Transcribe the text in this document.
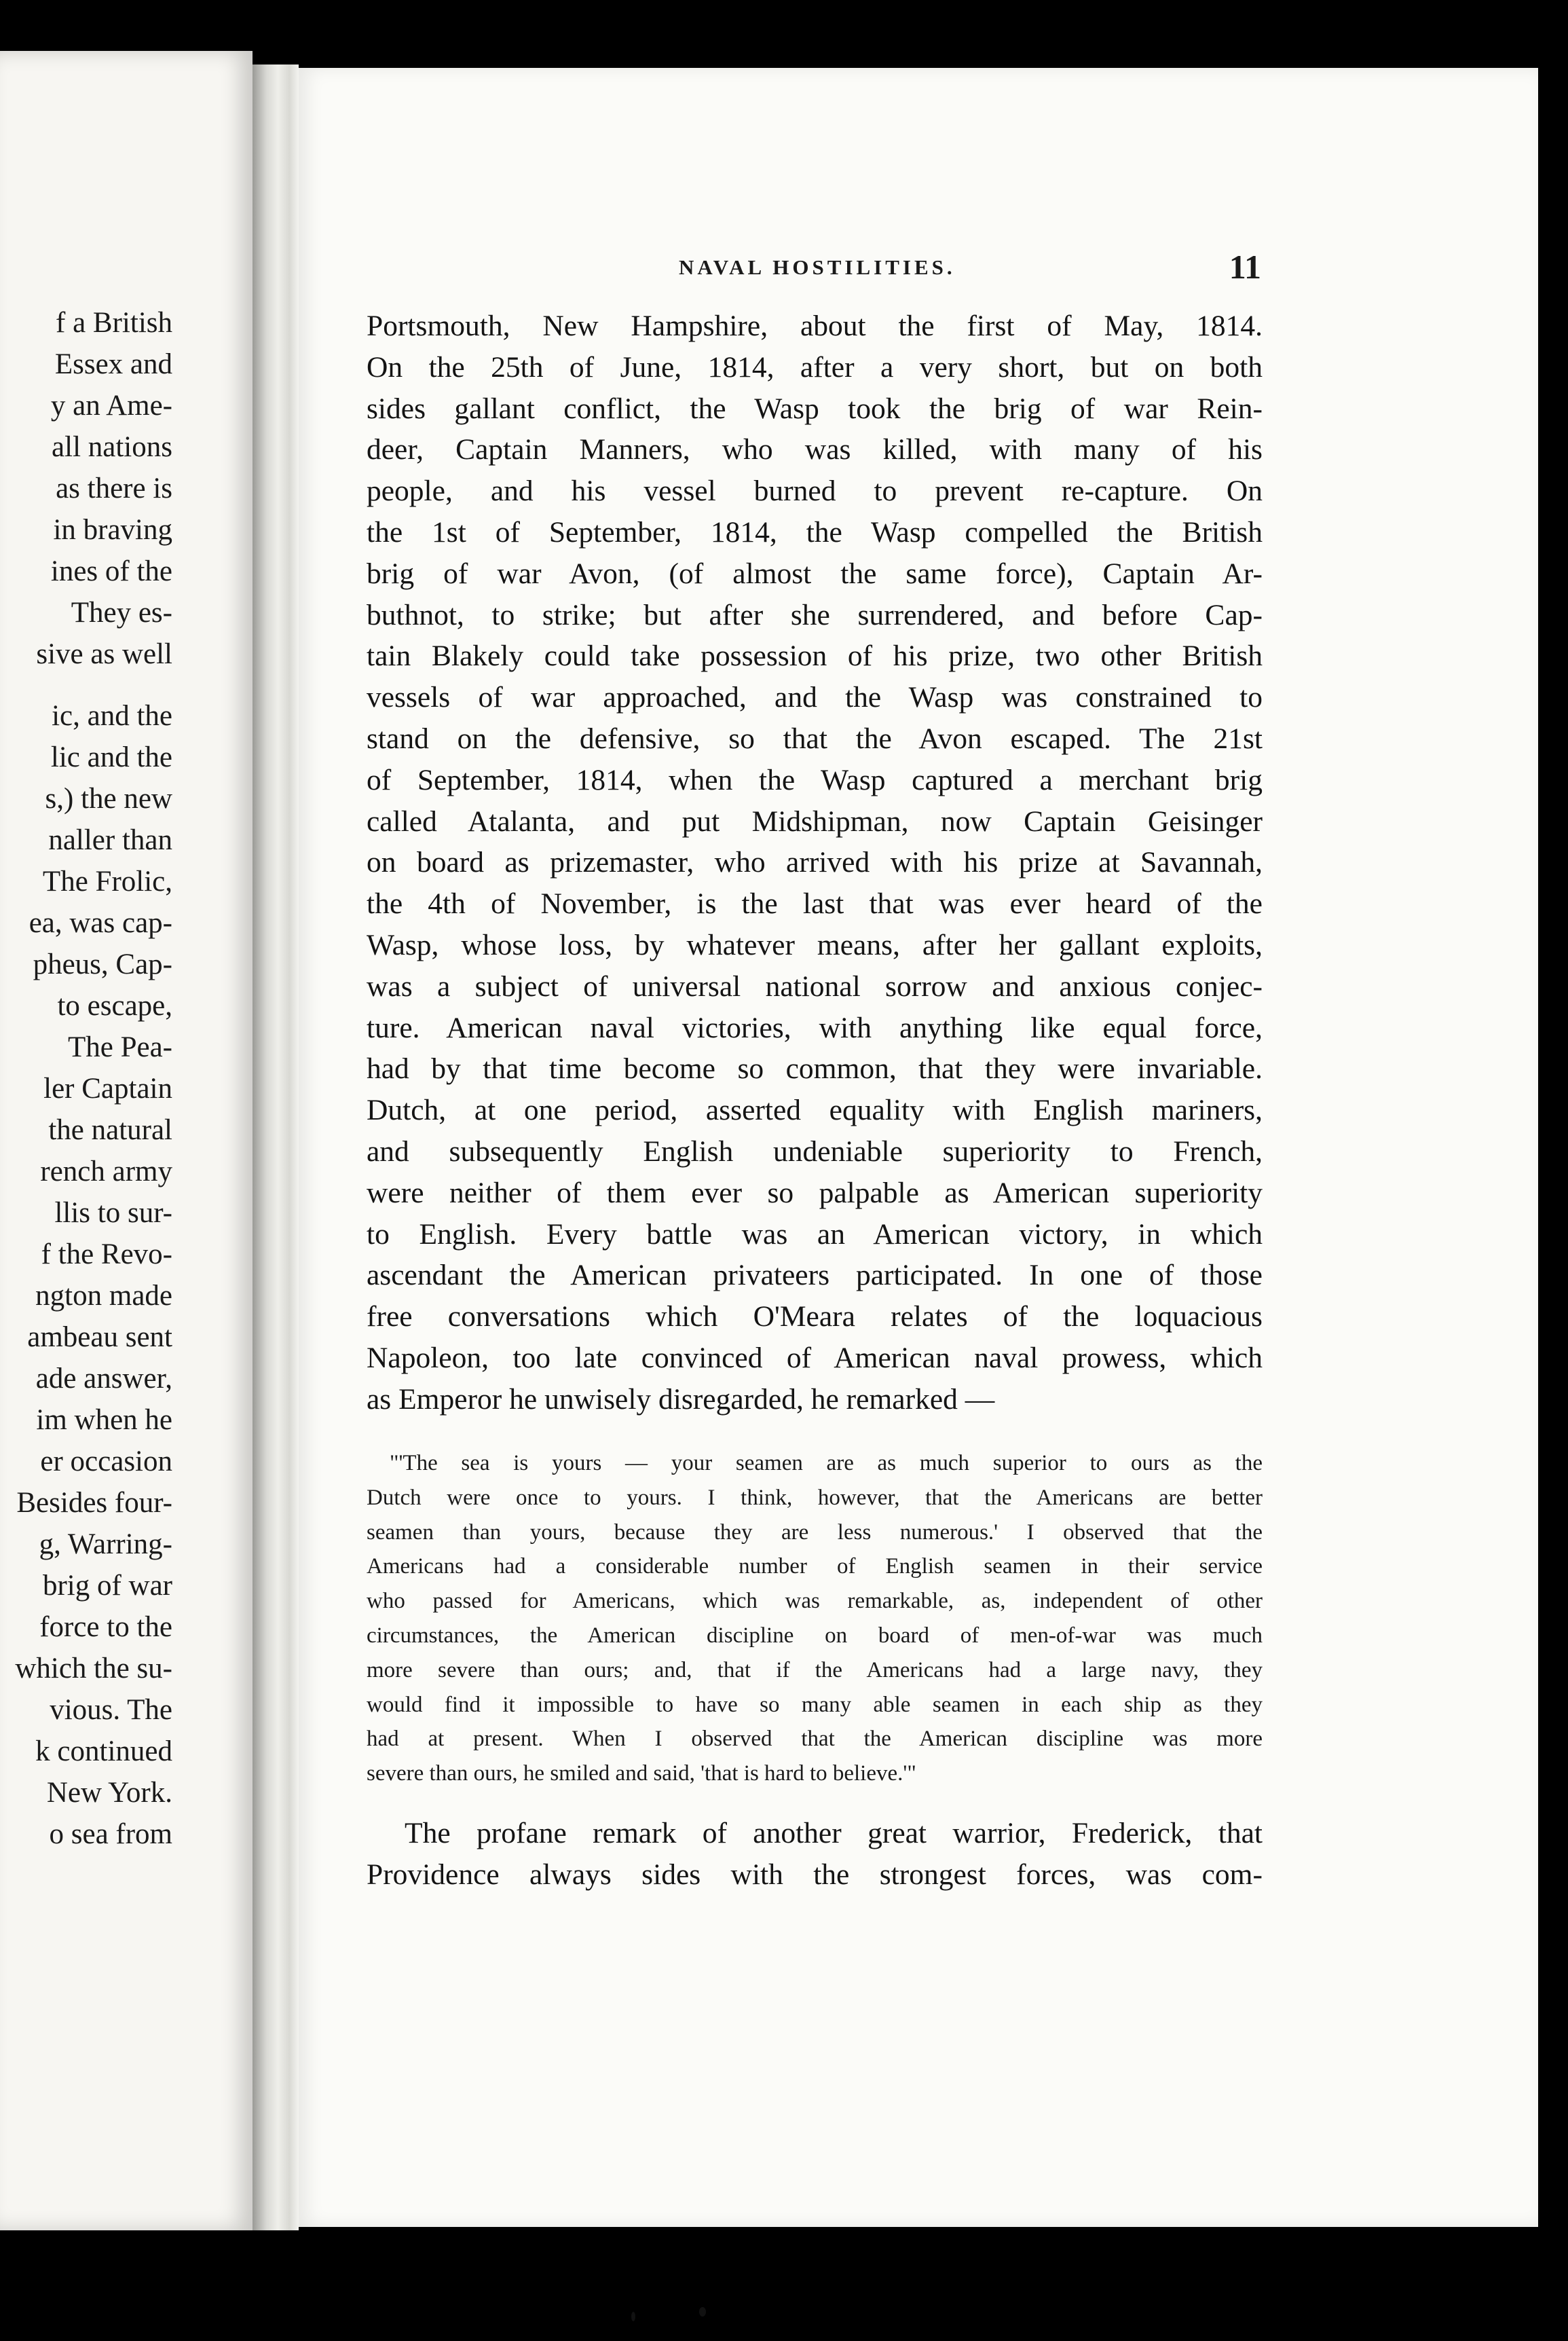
f a British
Essex and
y an Ame-
all nations
as there is
in braving
ines of the
They es-
sive as well
ic, and the
lic and the
s,) the new
naller than
The Frolic,
ea, was cap-
pheus, Cap-
to escape,
The Pea-
ler Captain
the natural
rench army
llis to sur-
f the Revo-
ngton made
ambeau sent
ade answer,
im when he
er occasion
Besides four-
g, Warring-
brig of war
force to the
which the su-
vious. The
k continued
New York.
o sea from
NAVAL HOSTILITIES.	11
Portsmouth, New Hampshire, about the first of May, 1814.
On the 25th of June, 1814, after a very short, but on both
sides gallant conflict, the Wasp took the brig of war Rein-
deer, Captain Manners, who was killed, with many of his
people, and his vessel burned to prevent re-capture. On
the 1st of September, 1814, the Wasp compelled the British
brig of war Avon, (of almost the same force), Captain Ar-
buthnot, to strike; but after she surrendered, and before Cap-
tain Blakely could take possession of his prize, two other British
vessels of war approached, and the Wasp was constrained to
stand on the defensive, so that the Avon escaped. The 21st
of September, 1814, when the Wasp captured a merchant brig
called Atalanta, and put Midshipman, now Captain Geisinger
on board as prizemaster, who arrived with his prize at Savannah,
the 4th of November, is the last that was ever heard of the
Wasp, whose loss, by whatever means, after her gallant exploits,
was a subject of universal national sorrow and anxious conjec-
ture. American naval victories, with anything like equal force,
had by that time become so common, that they were invariable.
Dutch, at one period, asserted equality with English mariners,
and subsequently English undeniable superiority to French,
were neither of them ever so palpable as American superiority
to English. Every battle was an American victory, in which
ascendant the American privateers participated. In one of those
free conversations which O'Meara relates of the loquacious
Napoleon, too late convinced of American naval prowess, which
as Emperor he unwisely disregarded, he remarked —
"'The sea is yours — your seamen are as much superior to ours as the
Dutch were once to yours. I think, however, that the Americans are better
seamen than yours, because they are less numerous.' I observed that the
Americans had a considerable number of English seamen in their service
who passed for Americans, which was remarkable, as, independent of other
circumstances, the American discipline on board of men-of-war was much
more severe than ours; and, that if the Americans had a large navy, they
would find it impossible to have so many able seamen in each ship as they
had at present. When I observed that the American discipline was more
severe than ours, he smiled and said, 'that is hard to believe.'"
The profane remark of another great warrior, Frederick, that
Providence always sides with the strongest forces, was com-
